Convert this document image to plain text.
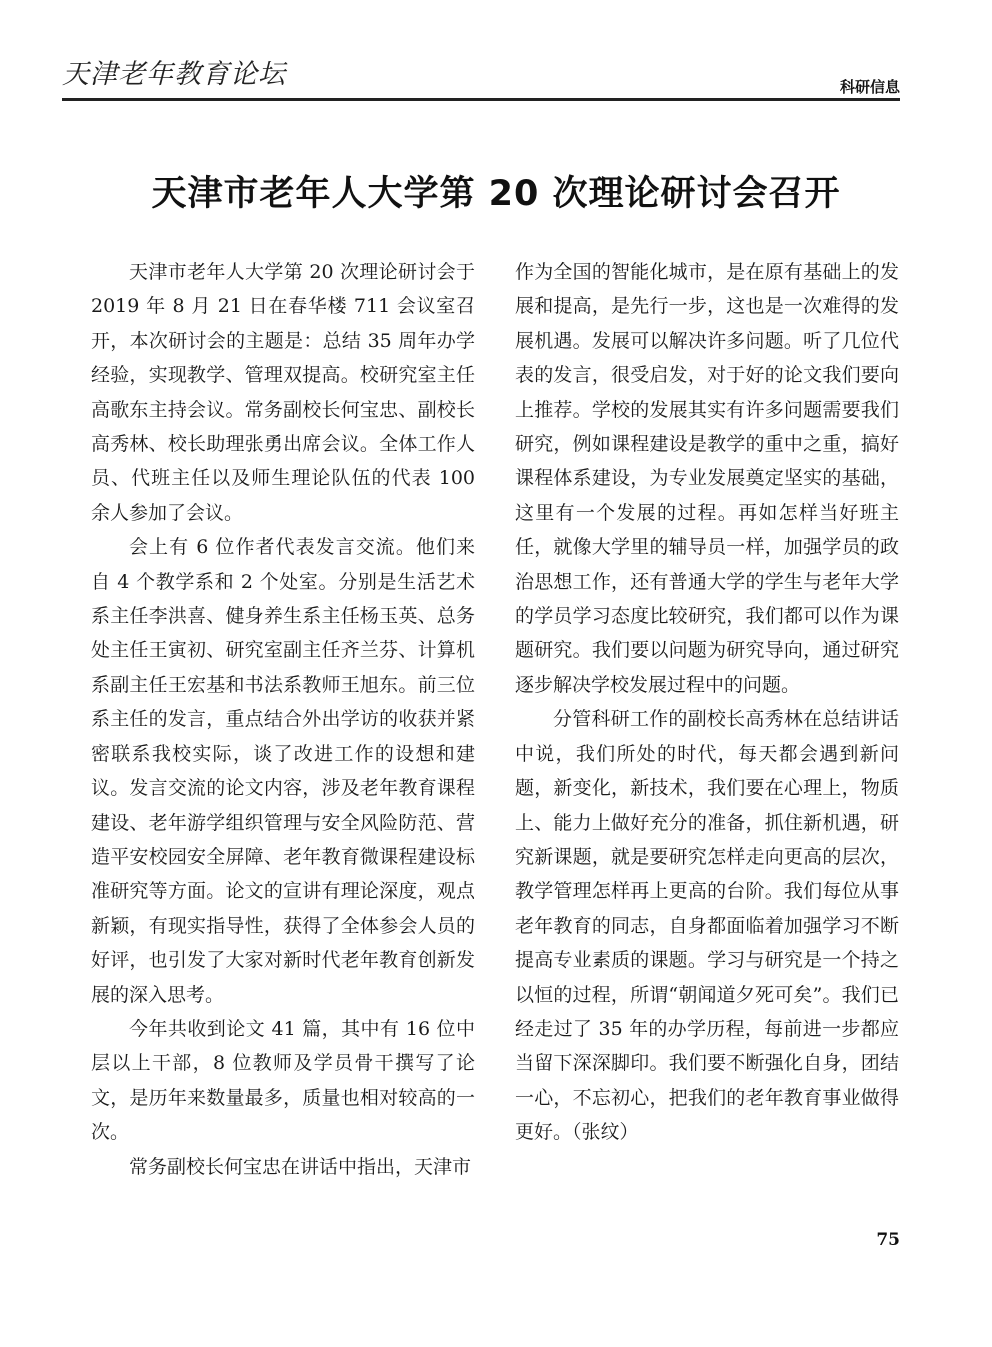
天津老年教育论坛	科研信息
天津市老年人大学第 20 次理论研讨会召开

天津市老年人大学第 20 次理论研讨会于 2019 年 8 月 21 日在春华楼 711 会议室召开，本次研讨会的主题是：总结 35 周年办学经验，实现教学、管理双提高。校研究室主任高歌东主持会议。常务副校长何宝忠、副校长高秀林、校长助理张勇出席会议。全体工作人员、代班主任以及师生理论队伍的代表 100 余人参加了会议。

会上有 6 位作者代表发言交流。他们来自 4 个教学系和 2 个处室。分别是生活艺术系主任李洪喜、健身养生系主任杨玉英、总务处主任王寅初、研究室副主任齐兰芬、计算机系副主任王宏基和书法系教师王旭东。前三位系主任的发言，重点结合外出学访的收获并紧密联系我校实际，谈了改进工作的设想和建议。发言交流的论文内容，涉及老年教育课程建设、老年游学组织管理与安全风险防范、营造平安校园安全屏障、老年教育微课程建设标准研究等方面。论文的宣讲有理论深度，观点新颖，有现实指导性，获得了全体参会人员的好评，也引发了大家对新时代老年教育创新发展的深入思考。

今年共收到论文 41 篇，其中有 16 位中层以上干部，8 位教师及学员骨干撰写了论文，是历年来数量最多，质量也相对较高的一次。

常务副校长何宝忠在讲话中指出，天津市

作为全国的智能化城市，是在原有基础上的发展和提高，是先行一步，这也是一次难得的发展机遇。发展可以解决许多问题。听了几位代表的发言，很受启发，对于好的论文我们要向上推荐。学校的发展其实有许多问题需要我们研究，例如课程建设是教学的重中之重，搞好课程体系建设，为专业发展奠定坚实的基础，这里有一个发展的过程。再如怎样当好班主任，就像大学里的辅导员一样，加强学员的政治思想工作，还有普通大学的学生与老年大学的学员学习态度比较研究，我们都可以作为课题研究。我们要以问题为研究导向，通过研究逐步解决学校发展过程中的问题。

分管科研工作的副校长高秀林在总结讲话中说，我们所处的时代，每天都会遇到新问题，新变化，新技术，我们要在心理上，物质上、能力上做好充分的准备，抓住新机遇，研究新课题，就是要研究怎样走向更高的层次，教学管理怎样再上更高的台阶。我们每位从事老年教育的同志，自身都面临着加强学习不断提高专业素质的课题。学习与研究是一个持之以恒的过程，所谓“朝闻道夕死可矣”。我们已经走过了 35 年的办学历程，每前进一步都应当留下深深脚印。我们要不断强化自身，团结一心，不忘初心，把我们的老年教育事业做得更好。（张纹）

75
